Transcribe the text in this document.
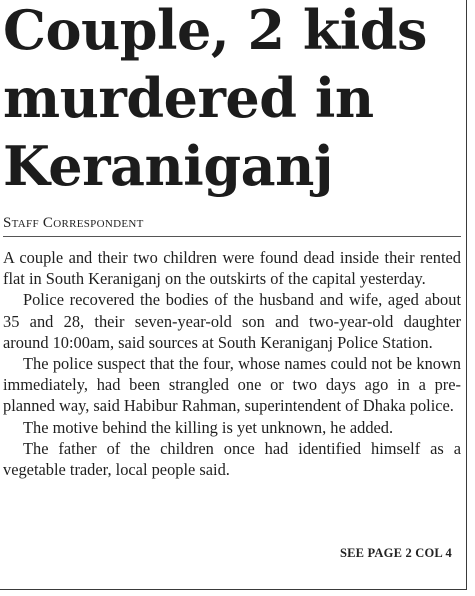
Couple, 2 kids
murdered in
Keraniganj
Staff Correspondent

A couple and their two children were found dead inside their rented flat in South Keraniganj on the outskirts of the capital yesterday.

Police recovered the bodies of the husband and wife, aged about 35 and 28, their seven-year-old son and two-year-old daughter around 10:00am, said sources at South Keraniganj Police Station.

The police suspect that the four, whose names could not be known immediately, had been strangled one or two days ago in a pre-planned way, said Habibur Rahman, superintendent of Dhaka police.

The motive behind the killing is yet unknown, he added.

The father of the children once had identified himself as a vegetable trader, local people said.

SEE PAGE 2 COL 4
